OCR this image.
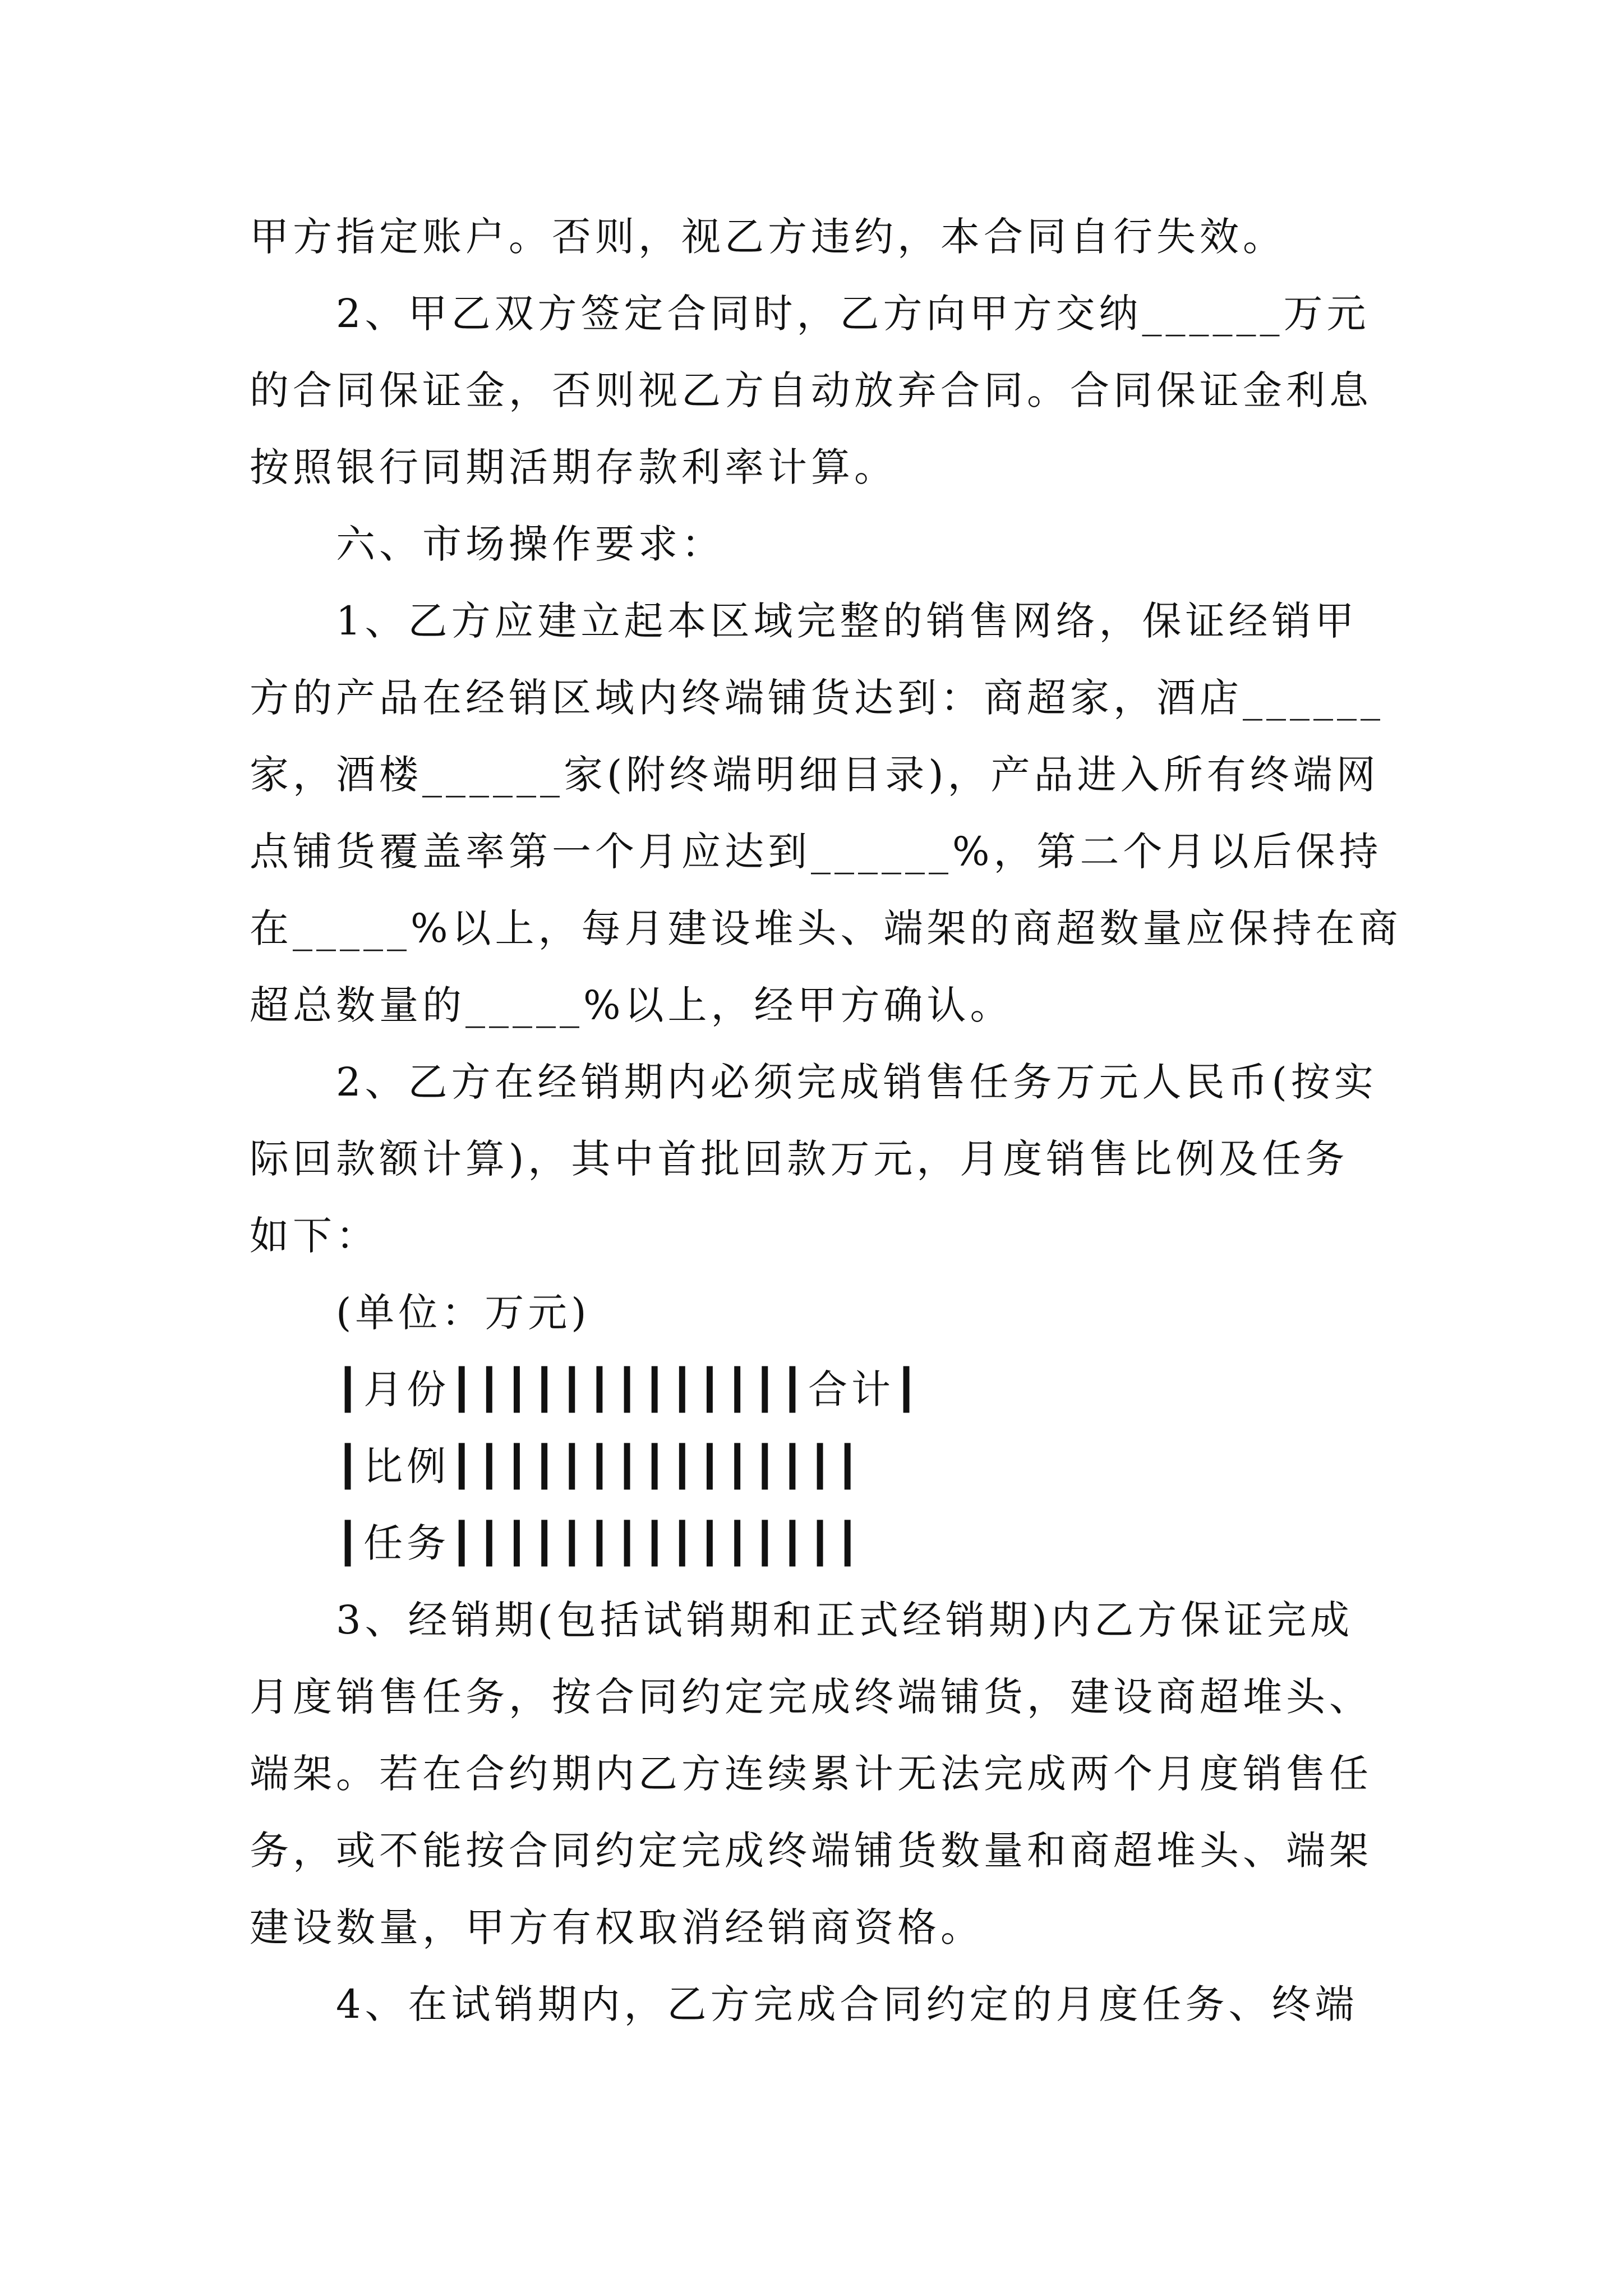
甲方指定账户。否则，视乙方违约，本合同自行失效。
　　2、甲乙双方签定合同时，乙方向甲方交纳______万元
的合同保证金，否则视乙方自动放弃合同。合同保证金利息
按照银行同期活期存款利率计算。
　　六、市场操作要求：
　　1、乙方应建立起本区域完整的销售网络，保证经销甲
方的产品在经销区域内终端铺货达到：商超家，酒店______
家，酒楼______家(附终端明细目录)，产品进入所有终端网
点铺货覆盖率第一个月应达到______%，第二个月以后保持
在_____%以上，每月建设堆头、端架的商超数量应保持在商
超总数量的_____%以上，经甲方确认。
　　2、乙方在经销期内必须完成销售任务万元人民币(按实
际回款额计算)，其中首批回款万元，月度销售比例及任务
如下：
　　(单位：万元)
　　┃月份┃┃┃┃┃┃┃┃┃┃┃┃┃合计┃
　　┃比例┃┃┃┃┃┃┃┃┃┃┃┃┃┃┃
　　┃任务┃┃┃┃┃┃┃┃┃┃┃┃┃┃┃
　　3、经销期(包括试销期和正式经销期)内乙方保证完成
月度销售任务，按合同约定完成终端铺货，建设商超堆头、
端架。若在合约期内乙方连续累计无法完成两个月度销售任
务，或不能按合同约定完成终端铺货数量和商超堆头、端架
建设数量，甲方有权取消经销商资格。
　　4、在试销期内，乙方完成合同约定的月度任务、终端
